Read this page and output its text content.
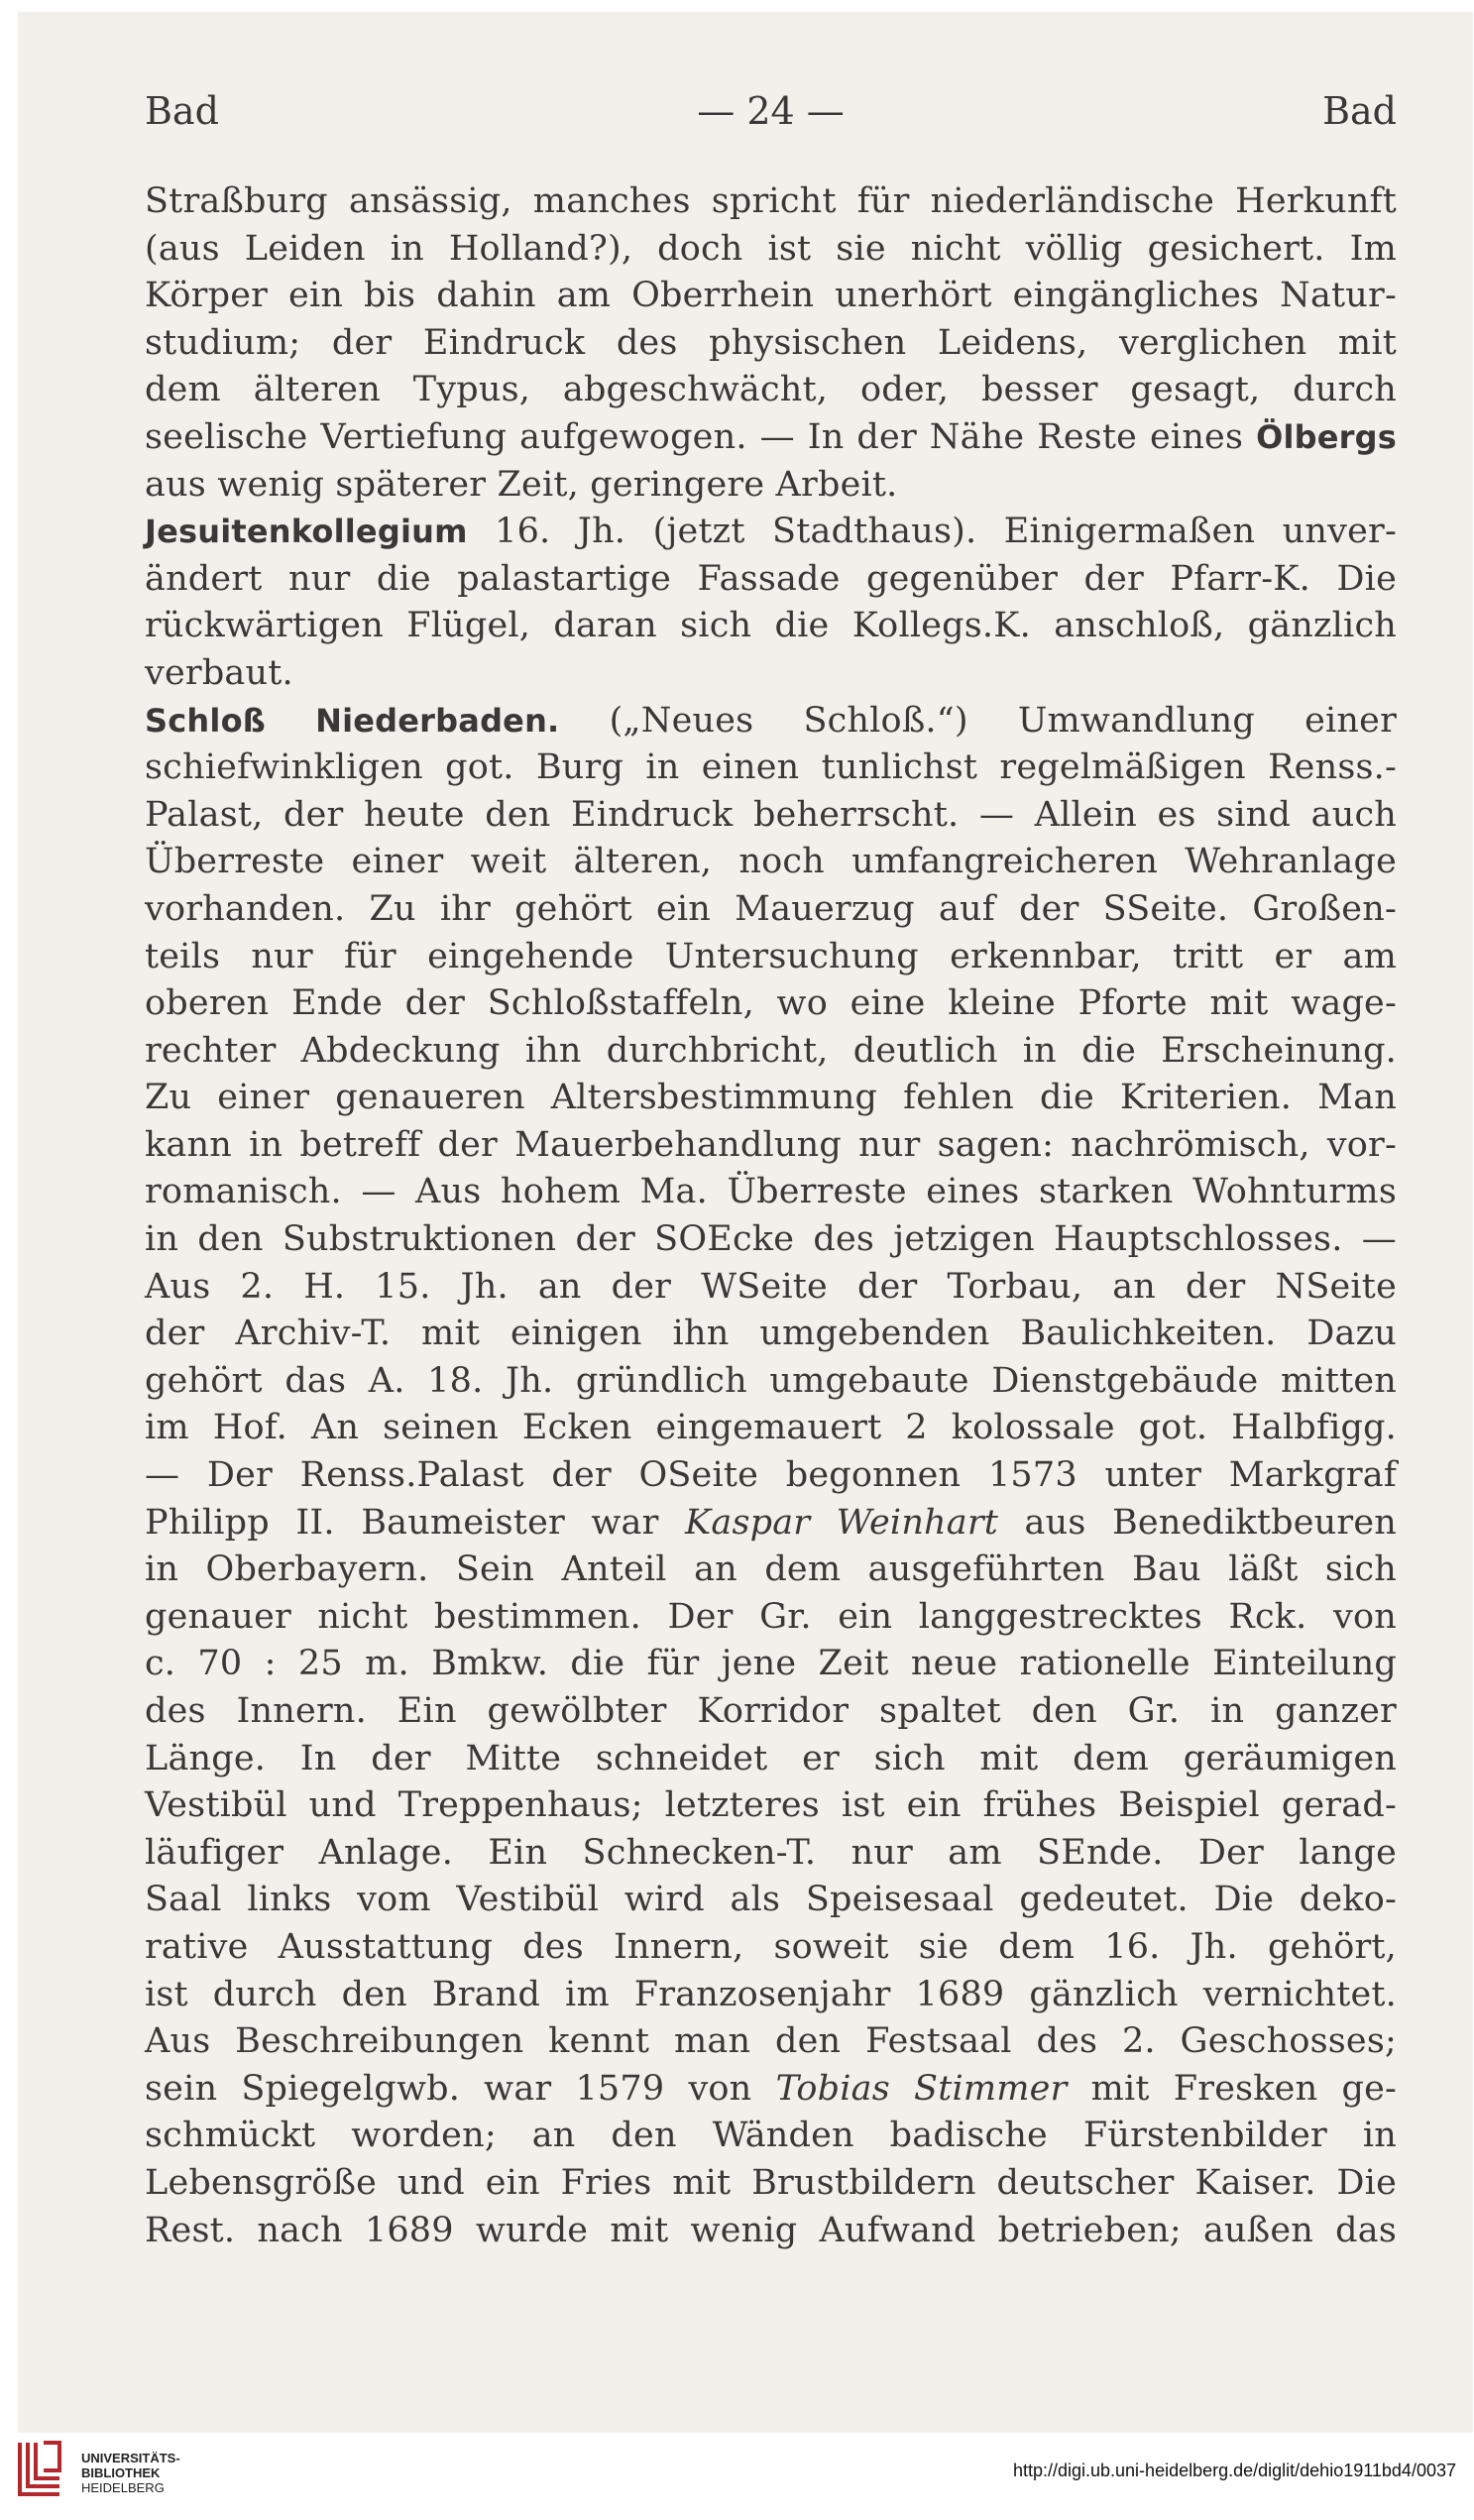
Bad	— 24 —	Bad
Straßburg ansässig, manches spricht für niederländische Herkunft
(aus Leiden in Holland?), doch ist sie nicht völlig gesichert. Im
Körper ein bis dahin am Oberrhein unerhört eingängliches Natur-
studium; der Eindruck des physischen Leidens, verglichen mit
dem älteren Typus, abgeschwächt, oder, besser gesagt, durch
seelische Vertiefung aufgewogen. — In der Nähe Reste eines Ölbergs
aus wenig späterer Zeit, geringere Arbeit.
Jesuitenkollegium 16. Jh. (jetzt Stadthaus). Einigermaßen unver-
ändert nur die palastartige Fassade gegenüber der Pfarr-K. Die
rückwärtigen Flügel, daran sich die Kollegs.K. anschloß, gänzlich
verbaut.
Schloß Niederbaden. („Neues Schloß.“) Umwandlung einer
schiefwinkligen got. Burg in einen tunlichst regelmäßigen Renss.-
Palast, der heute den Eindruck beherrscht. — Allein es sind auch
Überreste einer weit älteren, noch umfangreicheren Wehranlage
vorhanden. Zu ihr gehört ein Mauerzug auf der SSeite. Großen-
teils nur für eingehende Untersuchung erkennbar, tritt er am
oberen Ende der Schloßstaffeln, wo eine kleine Pforte mit wage-
rechter Abdeckung ihn durchbricht, deutlich in die Erscheinung.
Zu einer genaueren Altersbestimmung fehlen die Kriterien. Man
kann in betreff der Mauerbehandlung nur sagen: nachrömisch, vor-
romanisch. — Aus hohem Ma. Überreste eines starken Wohnturms
in den Substruktionen der SOEcke des jetzigen Hauptschlosses. —
Aus 2. H. 15. Jh. an der WSeite der Torbau, an der NSeite
der Archiv-T. mit einigen ihn umgebenden Baulichkeiten. Dazu
gehört das A. 18. Jh. gründlich umgebaute Dienstgebäude mitten
im Hof. An seinen Ecken eingemauert 2 kolossale got. Halbfigg.
— Der Renss.Palast der OSeite begonnen 1573 unter Markgraf
Philipp II. Baumeister war Kaspar Weinhart aus Benediktbeuren
in Oberbayern. Sein Anteil an dem ausgeführten Bau läßt sich
genauer nicht bestimmen. Der Gr. ein langgestrecktes Rck. von
c. 70 : 25 m. Bmkw. die für jene Zeit neue rationelle Einteilung
des Innern. Ein gewölbter Korridor spaltet den Gr. in ganzer
Länge. In der Mitte schneidet er sich mit dem geräumigen
Vestibül und Treppenhaus; letzteres ist ein frühes Beispiel gerad-
läufiger Anlage. Ein Schnecken-T. nur am SEnde. Der lange
Saal links vom Vestibül wird als Speisesaal gedeutet. Die deko-
rative Ausstattung des Innern, soweit sie dem 16. Jh. gehört,
ist durch den Brand im Franzosenjahr 1689 gänzlich vernichtet.
Aus Beschreibungen kennt man den Festsaal des 2. Geschosses;
sein Spiegelgwb. war 1579 von Tobias Stimmer mit Fresken ge-
schmückt worden; an den Wänden badische Fürstenbilder in
Lebensgröße und ein Fries mit Brustbildern deutscher Kaiser. Die
Rest. nach 1689 wurde mit wenig Aufwand betrieben; außen das
UNIVERSITÄTS-
BIBLIOTHEK
HEIDELBERG
http://digi.ub.uni-heidelberg.de/diglit/dehio1911bd4/0037
